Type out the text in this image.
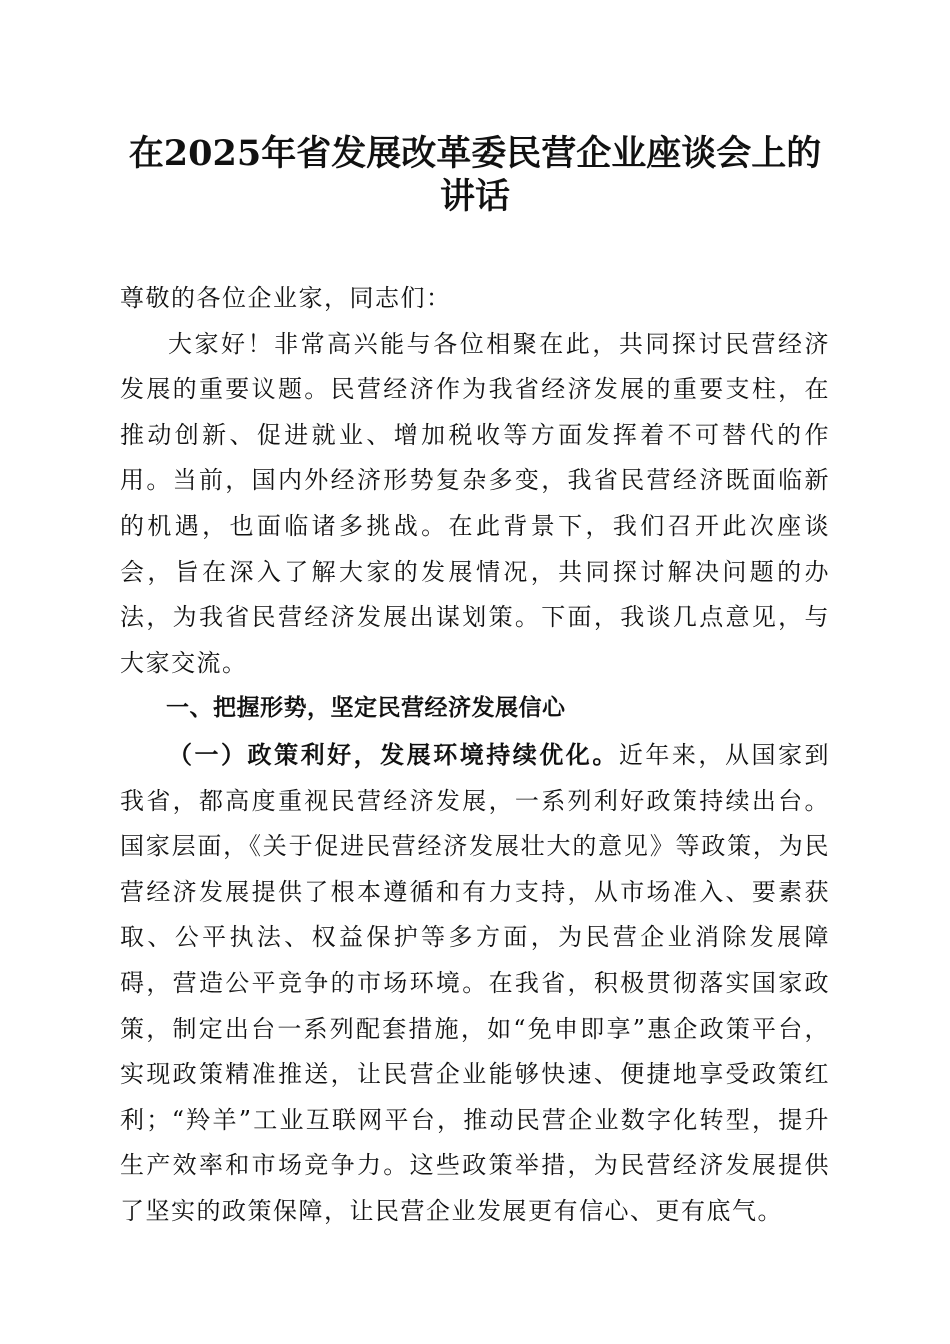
在2025年省发展改革委民营企业座谈会上的
讲话

尊敬的各位企业家，同志们：

大家好！非常高兴能与各位相聚在此，共同探讨民营经济发展的重要议题。民营经济作为我省经济发展的重要支柱，在推动创新、促进就业、增加税收等方面发挥着不可替代的作用。当前，国内外经济形势复杂多变，我省民营经济既面临新的机遇，也面临诸多挑战。在此背景下，我们召开此次座谈会，旨在深入了解大家的发展情况，共同探讨解决问题的办法，为我省民营经济发展出谋划策。下面，我谈几点意见，与大家交流。

一、把握形势，坚定民营经济发展信心

（一）政策利好，发展环境持续优化。近年来，从国家到我省，都高度重视民营经济发展，一系列利好政策持续出台。国家层面，《关于促进民营经济发展壮大的意见》等政策，为民营经济发展提供了根本遵循和有力支持，从市场准入、要素获取、公平执法、权益保护等多方面，为民营企业消除发展障碍，营造公平竞争的市场环境。在我省，积极贯彻落实国家政策，制定出台一系列配套措施，如“免申即享”惠企政策平台，实现政策精准推送，让民营企业能够快速、便捷地享受政策红利；“羚羊”工业互联网平台，推动民营企业数字化转型，提升生产效率和市场竞争力。这些政策举措，为民营经济发展提供了坚实的政策保障，让民营企业发展更有信心、更有底气。
